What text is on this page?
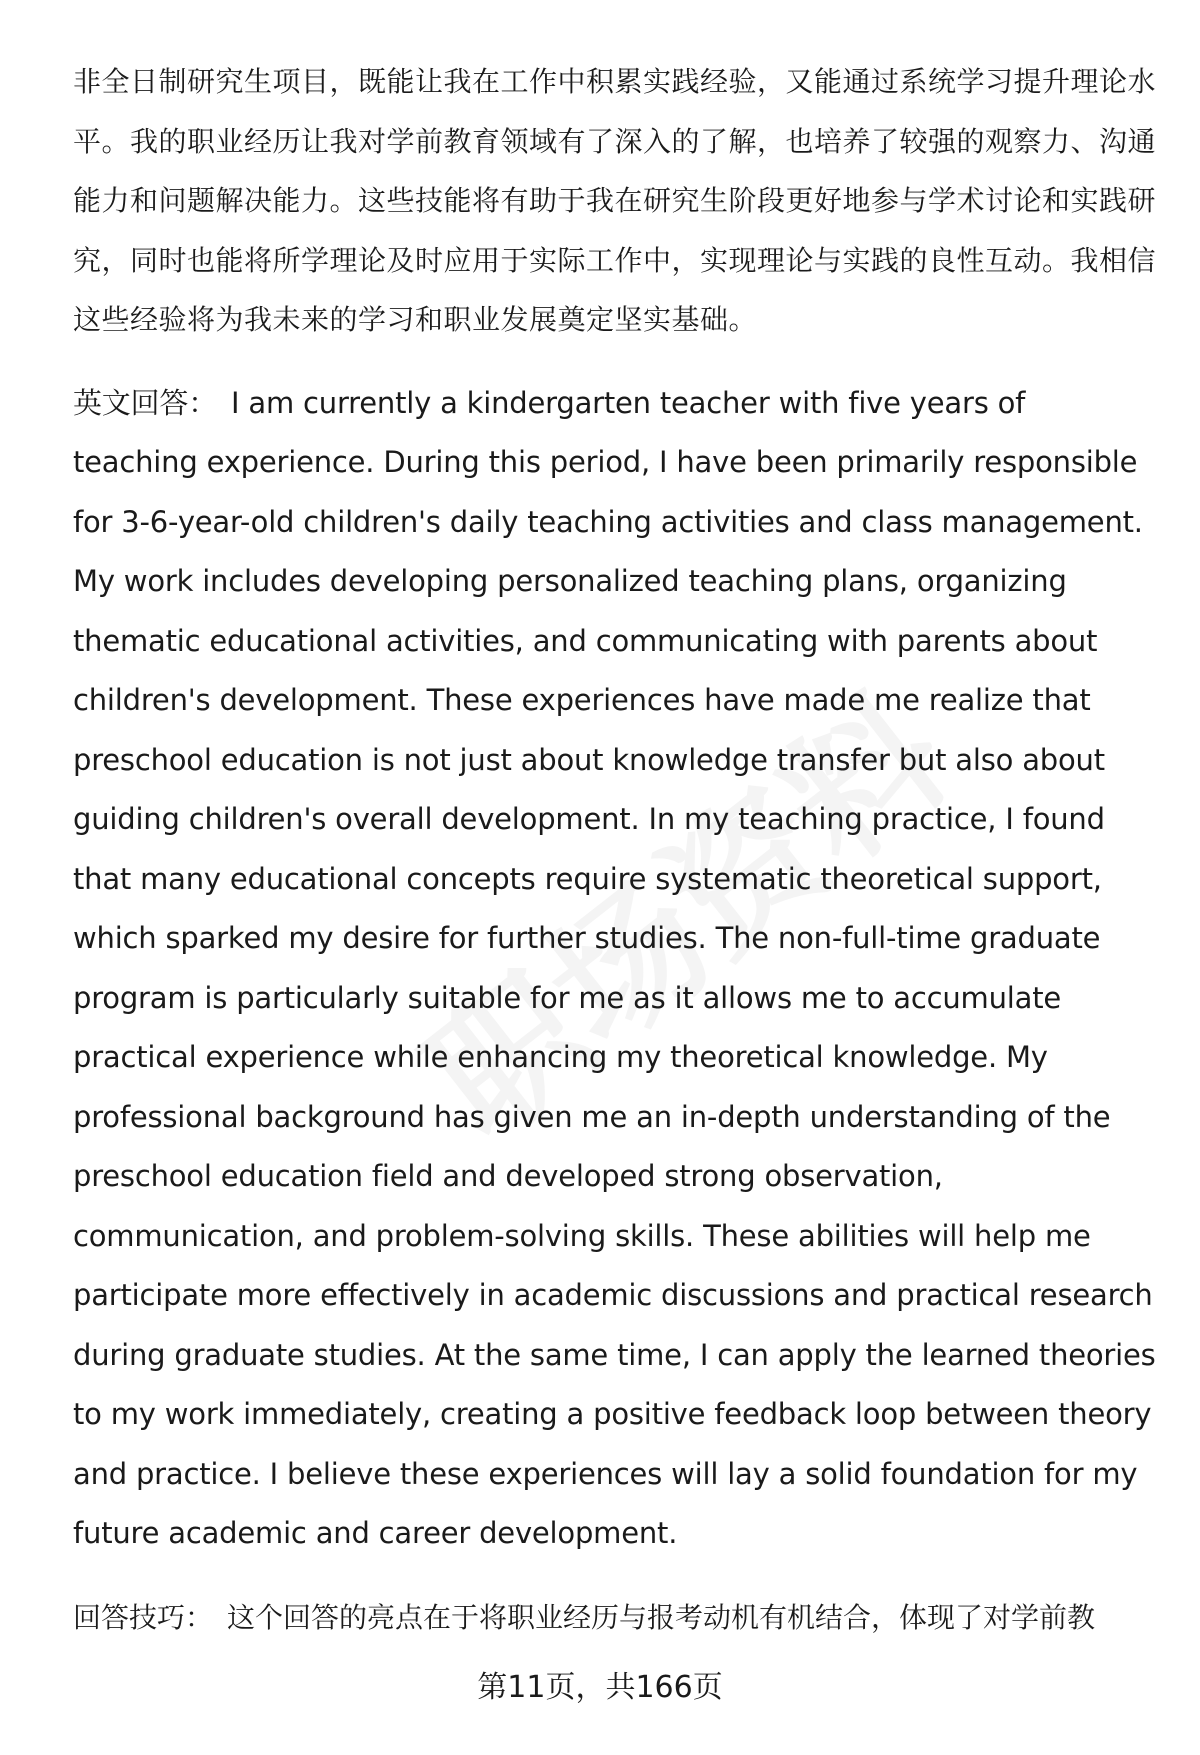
非全日制研究生项目，既能让我在工作中积累实践经验，又能通过系统学习提升理论水平。我的职业经历让我对学前教育领域有了深入的了解，也培养了较强的观察力、沟通能力和问题解决能力。这些技能将有助于我在研究生阶段更好地参与学术讨论和实践研究，同时也能将所学理论及时应用于实际工作中，实现理论与实践的良性互动。我相信这些经验将为我未来的学习和职业发展奠定坚实基础。

英文回答： I am currently a kindergarten teacher with five years of teaching experience. During this period, I have been primarily responsible for 3-6-year-old children's daily teaching activities and class management. My work includes developing personalized teaching plans, organizing thematic educational activities, and communicating with parents about children's development. These experiences have made me realize that preschool education is not just about knowledge transfer but also about guiding children's overall development. In my teaching practice, I found that many educational concepts require systematic theoretical support, which sparked my desire for further studies. The non-full-time graduate program is particularly suitable for me as it allows me to accumulate practical experience while enhancing my theoretical knowledge. My professional background has given me an in-depth understanding of the preschool education field and developed strong observation, communication, and problem-solving skills. These abilities will help me participate more effectively in academic discussions and practical research during graduate studies. At the same time, I can apply the learned theories to my work immediately, creating a positive feedback loop between theory and practice. I believe these experiences will lay a solid foundation for my future academic and career development.

回答技巧： 这个回答的亮点在于将职业经历与报考动机有机结合，体现了对学前教

第11页，共166页
